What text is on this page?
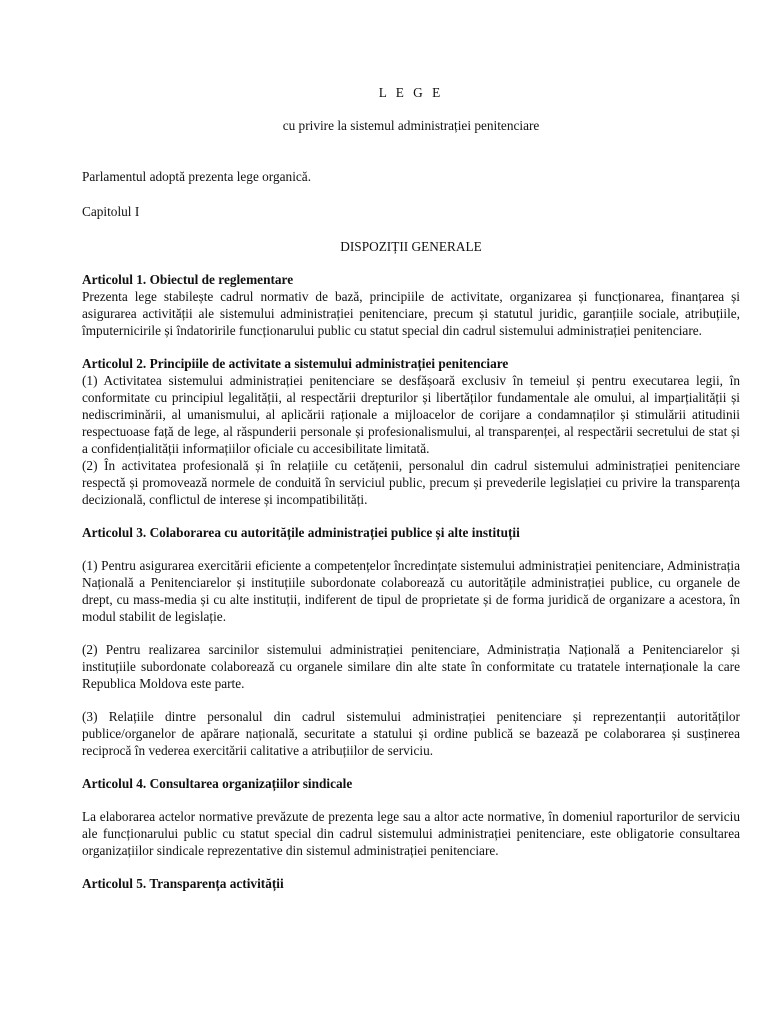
L E G E

cu privire la sistemul administrației penitenciare

Parlamentul adoptă prezenta lege organică.

Capitolul I

DISPOZIȚII GENERALE

Articolul 1. Obiectul de reglementare

Prezenta lege stabilește cadrul normativ de bază, principiile de activitate, organizarea și funcționarea, finanțarea și asigurarea activității ale sistemului administrației penitenciare, precum și statutul juridic, garanțiile sociale, atribuțiile, împuternicirile și îndatoririle funcționarului public cu statut special din cadrul sistemului administrației penitenciare.

Articolul 2. Principiile de activitate a sistemului administrației penitenciare

(1) Activitatea sistemului administrației penitenciare se desfășoară exclusiv în temeiul și pentru executarea legii, în conformitate cu principiul legalității, al respectării drepturilor și libertăților fundamentale ale omului, al imparțialității și nediscriminării, al umanismului, al aplicării raționale a mijloacelor de corijare a condamnaților și stimulării atitudinii respectuoase față de lege, al răspunderii personale și profesionalismului, al transparenței, al respectării secretului de stat și a confidențialității informațiilor oficiale cu accesibilitate limitată.

(2) În activitatea profesională și în relațiile cu cetățenii, personalul din cadrul sistemului administrației penitenciare respectă și promovează normele de conduită în serviciul public, precum și prevederile legislației cu privire la transparența decizională, conflictul de interese și incompatibilități.

Articolul 3. Colaborarea cu autoritățile administrației publice și alte instituții

(1) Pentru asigurarea exercitării eficiente a competențelor încredințate sistemului administrației penitenciare, Administrația Națională a Penitenciarelor și instituțiile subordonate colaborează cu autoritățile administrației publice, cu organele de drept, cu mass-media și cu alte instituții, indiferent de tipul de proprietate și de forma juridică de organizare a acestora, în modul stabilit de legislație.

(2) Pentru realizarea sarcinilor sistemului administrației penitenciare, Administrația Națională a Penitenciarelor și instituțiile subordonate colaborează cu organele similare din alte state în conformitate cu tratatele internaționale la care Republica Moldova este parte.

(3) Relațiile dintre personalul din cadrul sistemului administrației penitenciare și reprezentanții autorităților publice/organelor de apărare națională, securitate a statului și ordine publică se bazează pe colaborarea și susținerea reciprocă în vederea exercitării calitative a atribuțiilor de serviciu.

Articolul 4. Consultarea organizațiilor sindicale

La elaborarea actelor normative prevăzute de prezenta lege sau a altor acte normative, în domeniul raporturilor de serviciu ale funcționarului public cu statut special din cadrul sistemului administrației penitenciare, este obligatorie consultarea organizațiilor sindicale reprezentative din sistemul administrației penitenciare.

Articolul 5. Transparența activității
